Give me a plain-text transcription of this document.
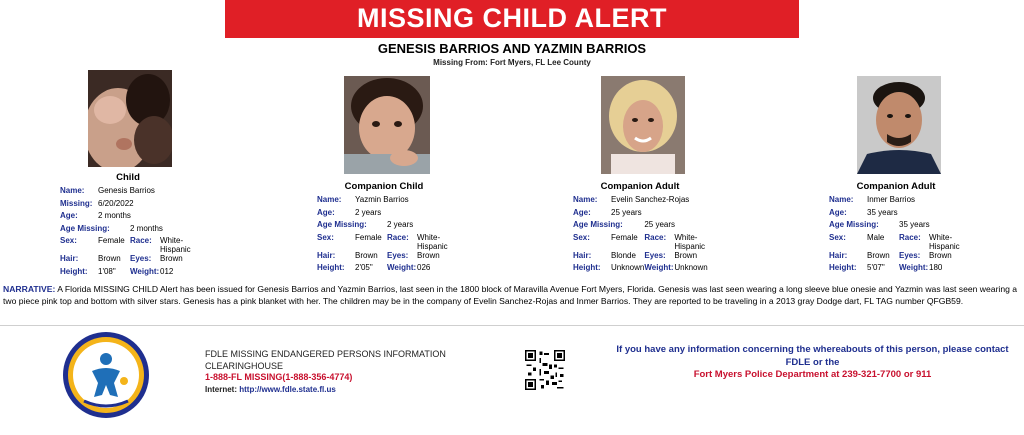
MISSING CHILD ALERT
GENESIS BARRIOS AND YAZMIN BARRIOS
Missing From: Fort Myers, FL Lee County
Child
Name:	Genesis Barrios		
Missing:	6/20/2022		
Age:	2 months		
Age Missing:		2 months	
Sex:	Female	Race:	White-Hispanic
Hair:	Brown	Eyes:	Brown
Height:	1'08"	Weight:	012
Companion Child
Name:	Yazmin Barrios		
Age:	2 years		
Age Missing:		2 years	
Sex:	Female	Race:	White-Hispanic
Hair:	Brown	Eyes:	Brown
Height:	2'05"	Weight:	026
Companion Adult
Name:	Evelin Sanchez-Rojas		
Age:	25 years		
Age Missing:		25 years	
Sex:	Female	Race:	White-Hispanic
Hair:	Blonde	Eyes:	Brown
Height:	Unknown	Weight:	Unknown
Companion Adult
Name:	Inmer Barrios		
Age:	35 years		
Age Missing:		35 years	
Sex:	Male	Race:	White-Hispanic
Hair:	Brown	Eyes:	Brown
Height:	5'07"	Weight:	180
NARRATIVE: A Florida MISSING CHILD Alert has been issued for Genesis Barrios and Yazmin Barrios, last seen in the 1800 block of Maravilla Avenue Fort Myers, Florida. Genesis was last seen wearing a long sleeve blue onesie and Yazmin was last seen wearing a two piece pink top and bottom with silver stars. Genesis has a pink blanket with her. The children may be in the company of Evelin Sanchez-Rojas and Inmer Barrios. They are reported to be traveling in a 2013 gray Dodge dart, FL TAG number QFGB59.
FDLE MISSING ENDANGERED PERSONS INFORMATION
CLEARINGHOUSE
1-888-FL MISSING(1-888-356-4774)
Internet: http://www.fdle.state.fl.us
If you have any information concerning the whereabouts of this person, please contact
FDLE or the
Fort Myers Police Department at 239-321-7700 or 911
